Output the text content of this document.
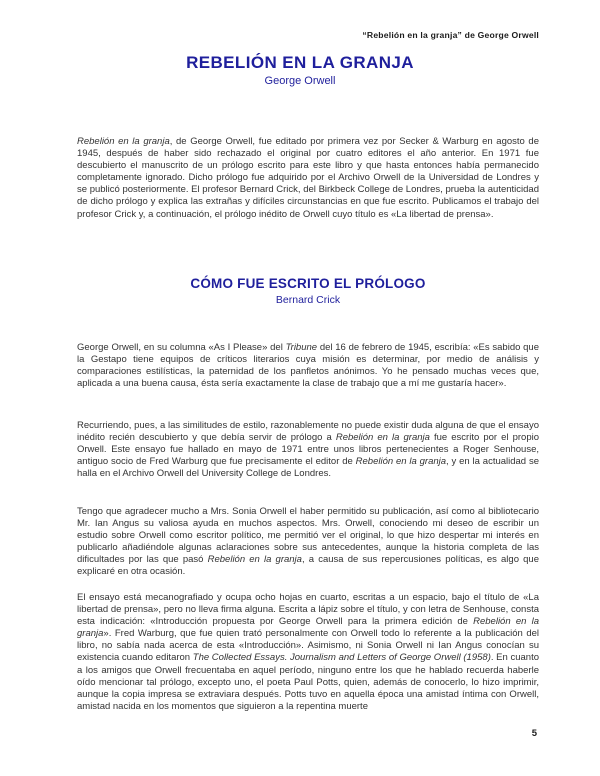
“Rebelión en la granja” de George Orwell
REBELIÓN EN LA GRANJA
George Orwell

Rebelión en la granja, de George Orwell, fue editado por primera vez por Secker & Warburg en agosto de 1945, después de haber sido rechazado el original por cuatro editores el año anterior. En 1971 fue descubierto el manuscrito de un prólogo escrito para este libro y que hasta entonces había permanecido completamente ignorado. Dicho prólogo fue adquirido por el Archivo Orwell de la Universidad de Londres y se publicó posteriormente. El profesor Bernard Crick, del Birkbeck College de Londres, prueba la autenticidad de dicho prólogo y explica las extrañas y difíciles circunstancias en que fue escrito. Publicamos el trabajo del profesor Crick y, a continuación, el prólogo inédito de Orwell cuyo título es «La libertad de prensa».

CÓMO FUE ESCRITO EL PRÓLOGO
Bernard Crick

George Orwell, en su columna «As I Please» del Tribune del 16 de febrero de 1945, escribía: «Es sabido que la Gestapo tiene equipos de críticos literarios cuya misión es determinar, por medio de análisis y comparaciones estilísticas, la paternidad de los panfletos anónimos. Yo he pensado muchas veces que, aplicada a una buena causa, ésta sería exactamente la clase de trabajo que a mí me gustaría hacer».

Recurriendo, pues, a las similitudes de estilo, razonablemente no puede existir duda alguna de que el ensayo inédito recién descubierto y que debía servir de prólogo a Rebelión en la granja fue escrito por el propio Orwell. Este ensayo fue hallado en mayo de 1971 entre unos libros pertenecientes a Roger Senhouse, antiguo socio de Fred Warburg que fue precisamente el editor de Rebelión en la granja, y en la actualidad se halla en el Archivo Orwell del University College de Londres.

Tengo que agradecer mucho a Mrs. Sonia Orwell el haber permitido su publicación, así como al bibliotecario Mr. Ian Angus su valiosa ayuda en muchos aspectos. Mrs. Orwell, conociendo mi deseo de escribir un estudio sobre Orwell como escritor político, me permitió ver el original, lo que hizo despertar mi interés en publicarlo añadiéndole algunas aclaraciones sobre sus antecedentes, aunque la historia completa de las dificultades por las que pasó Rebelión en la granja, a causa de sus repercusiones políticas, es algo que explicaré en otra ocasión.

El ensayo está mecanografiado y ocupa ocho hojas en cuarto, escritas a un espacio, bajo el título de «La libertad de prensa», pero no lleva firma alguna. Escrita a lápiz sobre el título, y con letra de Senhouse, consta esta indicación: «Introducción propuesta por George Orwell para la primera edición de Rebelión en la granja». Fred Warburg, que fue quien trató personalmente con Orwell todo lo referente a la publicación del libro, no sabía nada acerca de esta «Introducción». Asimismo, ni Sonia Orwell ni Ian Angus conocían su existencia cuando editaron The Collected Essays. Journalism and Letters of George Orwell (1958). En cuanto a los amigos que Orwell frecuentaba en aquel período, ninguno entre los que he hablado recuerda haberle oído mencionar tal prólogo, excepto uno, el poeta Paul Potts, quien, además de conocerlo, lo hizo imprimir, aunque la copia impresa se extraviara después. Potts tuvo en aquella época una amistad íntima con Orwell, amistad nacida en los momentos que siguieron a la repentina muerte

5
